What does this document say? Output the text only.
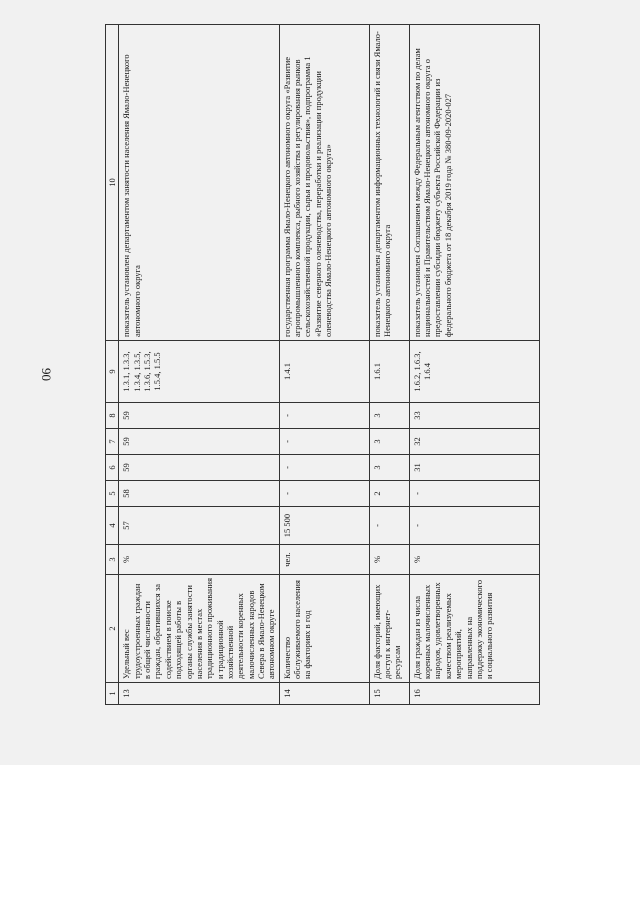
90
1	2	3	4	5	6	7	8	9	10
13	Удельный вес трудоустроенных граждан в общей численности граждан, обратившихся за содействием в поиске подходящей работы в органы службы занятости населения в местах традиционного проживания и традиционной хозяйственной деятельности коренных малочисленных народов Севера в Ямало-Ненецком автономном округе	%	57	58	59	59	59	1.3.1, 1.3.3, 1.3.4, 1.3.5, 1.3.6, 1.5.3, 1.5.4, 1.5.5	показатель установлен департаментом занятости населения Ямало-Ненецкого автономного округа
14	Количество обслуживаемого населения на факториях в год	чел.	15 500	-	-	-	-	1.4.1	государственная программа Ямало-Ненецкого автономного округа «Развитие агропромышленного комплекса, рыбного хозяйства и регулирования рынков сельскохозяйственной продукции, сырья и продовольствия», подпрограмма 1 «Развитие северного оленеводства, переработки и реализации продукции оленеводства Ямало-Ненецкого автономного округа»
15	Доля факторий, имеющих доступ к интернет-ресурсам	%	-	2	3	3	3	1.6.1	показатель установлен департаментом информационных технологий и связи Ямало-Ненецкого автономного округа
16	Доля граждан из числа коренных малочисленных народов, удовлетворенных качеством реализуемых мероприятий, направленных на поддержку экономического и социального развития	%	-	-	31	32	33	1.6.2, 1.6.3, 1.6.4	показатель установлен Соглашением между Федеральным агентством по делам национальностей и Правительством Ямало-Ненецкого автономного округа о предоставлении субсидии бюджету субъекта Российской Федерации из федерального бюджета от 18 декабря 2019 года № 380-09-2020-027
